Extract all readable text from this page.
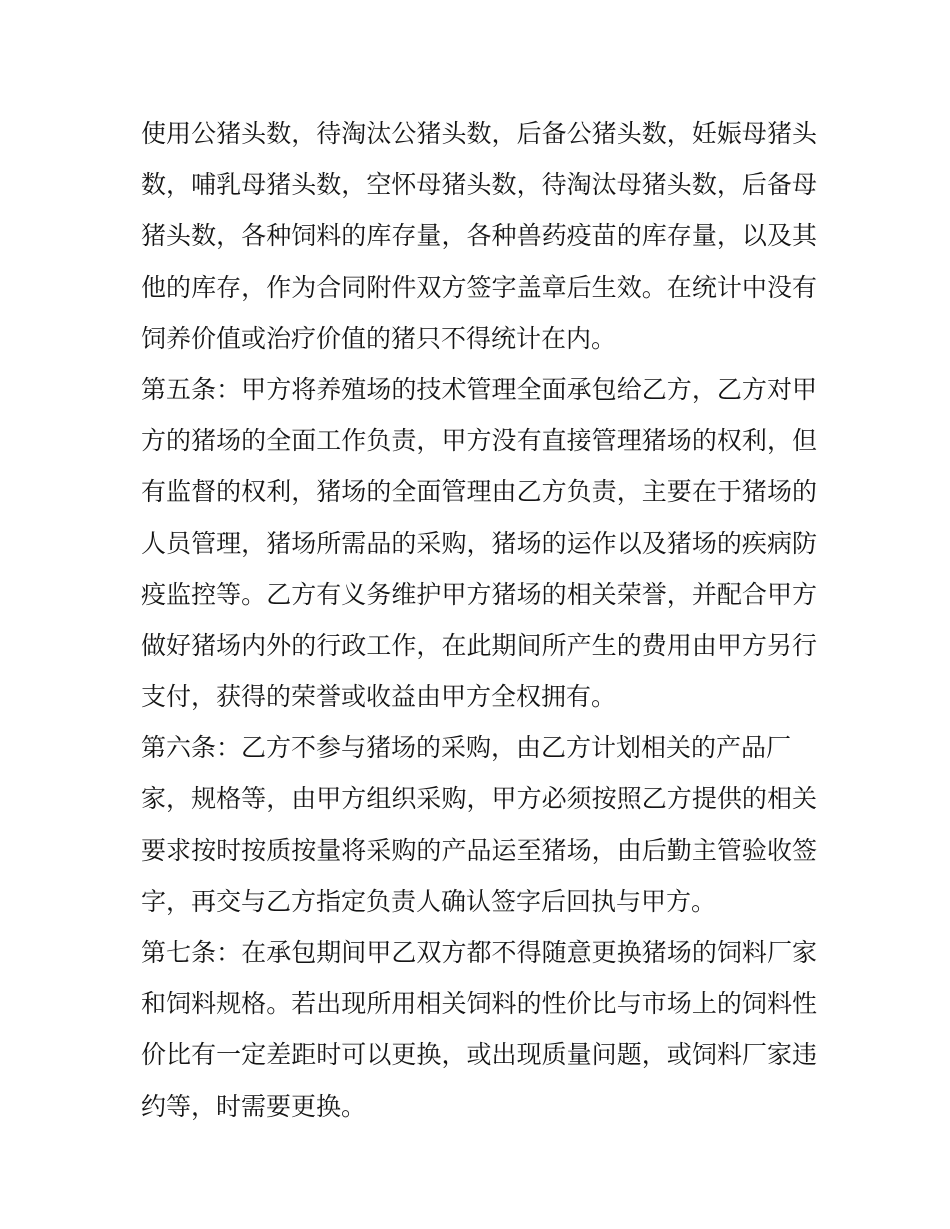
使用公猪头数，待淘汰公猪头数，后备公猪头数，妊娠母猪头
数，哺乳母猪头数，空怀母猪头数，待淘汰母猪头数，后备母
猪头数，各种饲料的库存量，各种兽药疫苗的库存量，以及其
他的库存，作为合同附件双方签字盖章后生效。在统计中没有
饲养价值或治疗价值的猪只不得统计在内。
第五条：甲方将养殖场的技术管理全面承包给乙方，乙方对甲
方的猪场的全面工作负责，甲方没有直接管理猪场的权利，但
有监督的权利，猪场的全面管理由乙方负责，主要在于猪场的
人员管理，猪场所需品的采购，猪场的运作以及猪场的疾病防
疫监控等。乙方有义务维护甲方猪场的相关荣誉，并配合甲方
做好猪场内外的行政工作，在此期间所产生的费用由甲方另行
支付，获得的荣誉或收益由甲方全权拥有。
第六条：乙方不参与猪场的采购，由乙方计划相关的产品厂
家，规格等，由甲方组织采购，甲方必须按照乙方提供的相关
要求按时按质按量将采购的产品运至猪场，由后勤主管验收签
字，再交与乙方指定负责人确认签字后回执与甲方。
第七条：在承包期间甲乙双方都不得随意更换猪场的饲料厂家
和饲料规格。若出现所用相关饲料的性价比与市场上的饲料性
价比有一定差距时可以更换，或出现质量问题，或饲料厂家违
约等，时需要更换。
